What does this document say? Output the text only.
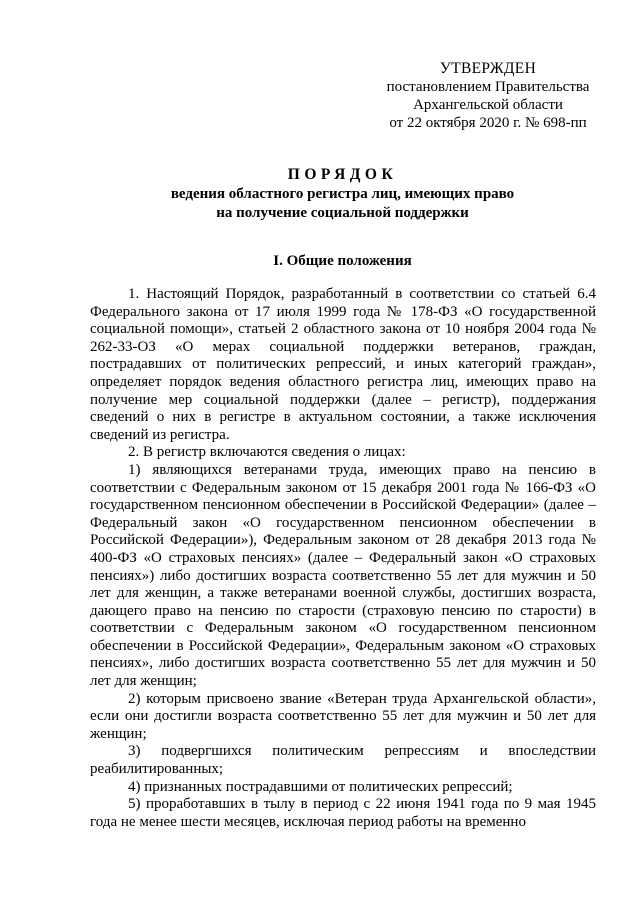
УТВЕРЖДЕН
постановлением Правительства
Архангельской области
от 22 октября 2020 г. № 698-пп
ПОРЯДОК
ведения областного регистра лиц, имеющих право
на получение социальной поддержки
I. Общие положения

1. Настоящий Порядок, разработанный в соответствии со статьей 6.4 Федерального закона от 17 июля 1999 года № 178-ФЗ «О государственной социальной помощи», статьей 2 областного закона от 10 ноября 2004 года № 262-33-ОЗ «О мерах социальной поддержки ветеранов, граждан, пострадавших от политических репрессий, и иных категорий граждан», определяет порядок ведения областного регистра лиц, имеющих право на получение мер социальной поддержки (далее – регистр), поддержания сведений о них в регистре в актуальном состоянии, а также исключения сведений из регистра.

2. В регистр включаются сведения о лицах:

1) являющихся ветеранами труда, имеющих право на пенсию в соответствии с Федеральным законом от 15 декабря 2001 года № 166-ФЗ «О государственном пенсионном обеспечении в Российской Федерации» (далее – Федеральный закон «О государственном пенсионном обеспечении в Российской Федерации»), Федеральным законом от 28 декабря 2013 года № 400-ФЗ «О страховых пенсиях» (далее – Федеральный закон «О страховых пенсиях») либо достигших возраста соответственно 55 лет для мужчин и 50 лет для женщин, а также ветеранами военной службы, достигших возраста, дающего право на пенсию по старости (страховую пенсию по старости) в соответствии с Федеральным законом «О государственном пенсионном обеспечении в Российской Федерации», Федеральным законом «О страховых пенсиях», либо достигших возраста соответственно 55 лет для мужчин и 50 лет для женщин;

2) которым присвоено звание «Ветеран труда Архангельской области», если они достигли возраста соответственно 55 лет для мужчин и 50 лет для женщин;

3) подвергшихся политическим репрессиям и впоследствии реабилитированных;

4) признанных пострадавшими от политических репрессий;

5) проработавших в тылу в период с 22 июня 1941 года по 9 мая 1945 года не менее шести месяцев, исключая период работы на временно
